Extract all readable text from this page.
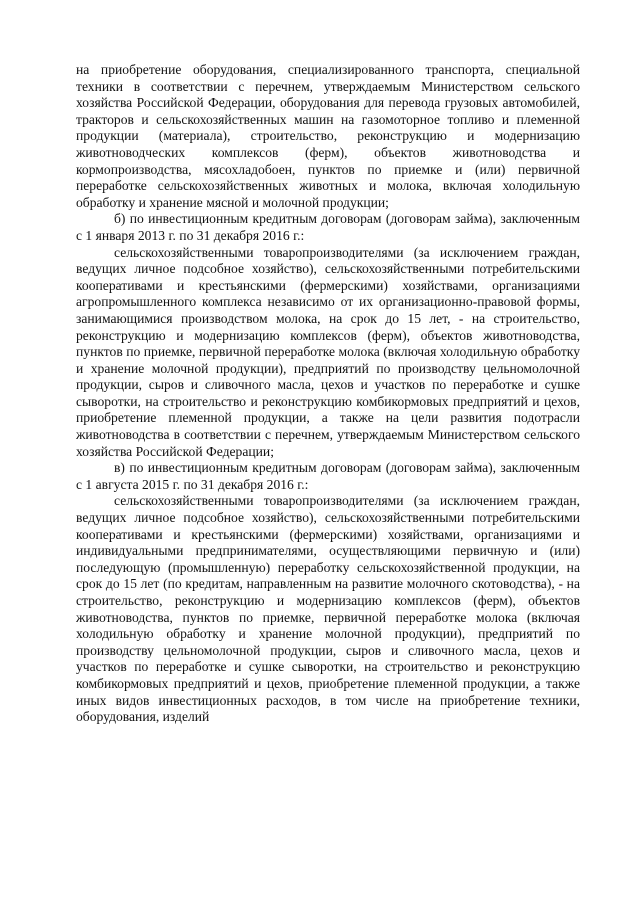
на приобретение оборудования, специализированного транспорта, специальной техники в соответствии с перечнем, утверждаемым Министерством сельского хозяйства Российской Федерации, оборудования для перевода грузовых автомобилей, тракторов и сельскохозяйственных машин на газомоторное топливо и племенной продукции (материала), строительство, реконструкцию и модернизацию животноводческих комплексов (ферм), объектов животноводства и кормопроизводства, мясохладобоен, пунктов по приемке и (или) первичной переработке сельскохозяйственных животных и молока, включая холодильную обработку и хранение мясной и молочной продукции;

б) по инвестиционным кредитным договорам (договорам займа), заключенным с 1 января 2013 г. по 31 декабря 2016 г.:

сельскохозяйственными товаропроизводителями (за исключением граждан, ведущих личное подсобное хозяйство), сельскохозяйственными потребительскими кооперативами и крестьянскими (фермерскими) хозяйствами, организациями агропромышленного комплекса независимо от их организационно-правовой формы, занимающимися производством молока, на срок до 15 лет, - на строительство, реконструкцию и модернизацию комплексов (ферм), объектов животноводства, пунктов по приемке, первичной переработке молока (включая холодильную обработку и хранение молочной продукции), предприятий по производству цельномолочной продукции, сыров и сливочного масла, цехов и участков по переработке и сушке сыворотки, на строительство и реконструкцию комбикормовых предприятий и цехов, приобретение племенной продукции, а также на цели развития подотрасли животноводства в соответствии с перечнем, утверждаемым Министерством сельского хозяйства Российской Федерации;

в) по инвестиционным кредитным договорам (договорам займа), заключенным с 1 августа 2015 г. по 31 декабря 2016 г.:

сельскохозяйственными товаропроизводителями (за исключением граждан, ведущих личное подсобное хозяйство), сельскохозяйственными потребительскими кооперативами и крестьянскими (фермерскими) хозяйствами, организациями и индивидуальными предпринимателями, осуществляющими первичную и (или) последующую (промышленную) переработку сельскохозяйственной продукции, на срок до 15 лет (по кредитам, направленным на развитие молочного скотоводства), - на строительство, реконструкцию и модернизацию комплексов (ферм), объектов животноводства, пунктов по приемке, первичной переработке молока (включая холодильную обработку и хранение молочной продукции), предприятий по производству цельномолочной продукции, сыров и сливочного масла, цехов и участков по переработке и сушке сыворотки, на строительство и реконструкцию комбикормовых предприятий и цехов, приобретение племенной продукции, а также иных видов инвестиционных расходов, в том числе на приобретение техники, оборудования, изделий
